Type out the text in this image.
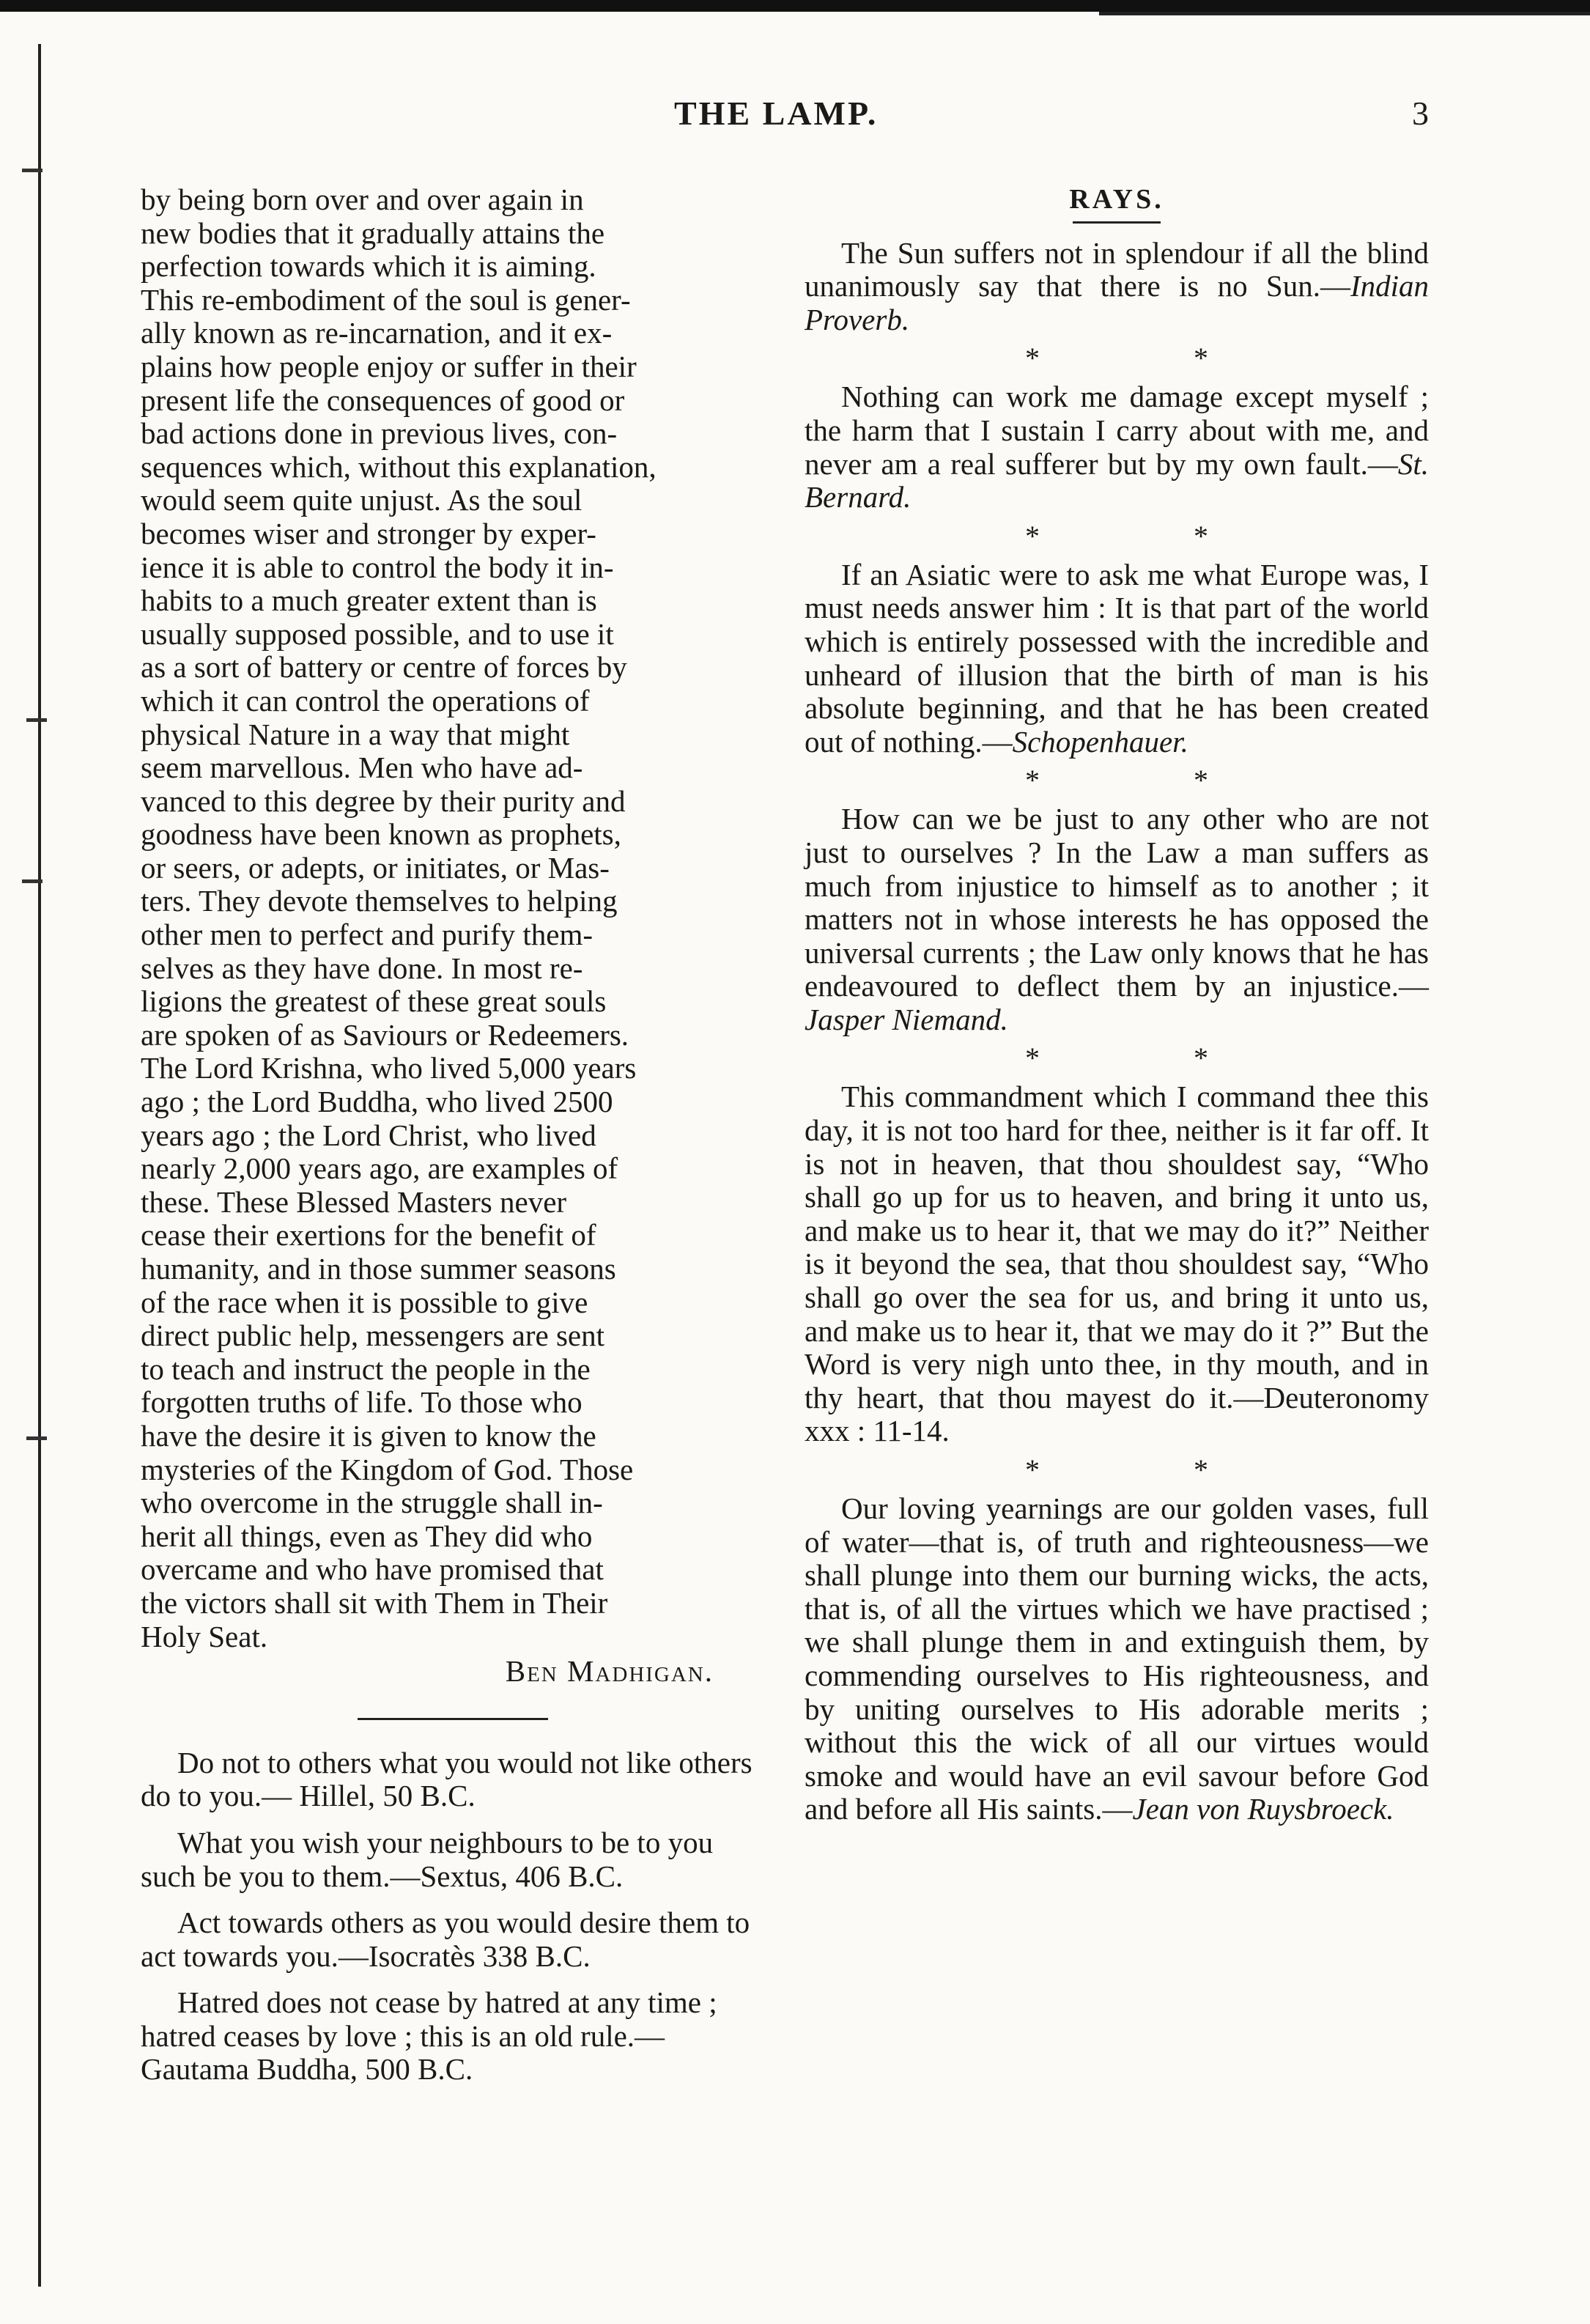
THE LAMP.	3

by being born over and over again in

new bodies that it gradually attains the

perfection towards which it is aiming.

This re-embodiment of the soul is gener-

ally known as re-incarnation, and it ex-

plains how people enjoy or suffer in their

present life the consequences of good or

bad actions done in previous lives, con-

sequences which, without this explanation,

would seem quite unjust. As the soul

becomes wiser and stronger by exper-

ience it is able to control the body it in-

habits to a much greater extent than is

usually supposed possible, and to use it

as a sort of battery or centre of forces by

which it can control the operations of

physical Nature in a way that might

seem marvellous. Men who have ad-

vanced to this degree by their purity and

goodness have been known as prophets,

or seers, or adepts, or initiates, or Mas-

ters. They devote themselves to helping

other men to perfect and purify them-

selves as they have done. In most re-

ligions the greatest of these great souls

are spoken of as Saviours or Redeemers.

The Lord Krishna, who lived 5,000 years

ago ; the Lord Buddha, who lived 2500

years ago ; the Lord Christ, who lived

nearly 2,000 years ago, are examples of

these. These Blessed Masters never

cease their exertions for the benefit of

humanity, and in those summer seasons

of the race when it is possible to give

direct public help, messengers are sent

to teach and instruct the people in the

forgotten truths of life. To those who

have the desire it is given to know the

mysteries of the Kingdom of God. Those

who overcome in the struggle shall in-

herit all things, even as They did who

overcame and who have promised that

the victors shall sit with Them in Their

Holy Seat.

Ben Madhigan.

Do not to others what you would not like others do to you.— Hillel, 50 B.C.

What you wish your neighbours to be to you such be you to them.—Sextus, 406 B.C.

Act towards others as you would desire them to act towards you.—Isocratès 338 B.C.

Hatred does not cease by hatred at any time ; hatred ceases by love ; this is an old rule.—Gautama Buddha, 500 B.C.

RAYS.

The Sun suffers not in splendour if all the blind unanimously say that there is no Sun.—Indian Proverb.

* *

Nothing can work me damage except myself ; the harm that I sustain I carry about with me, and never am a real sufferer but by my own fault.—St. Bernard.

* *

If an Asiatic were to ask me what Europe was, I must needs answer him : It is that part of the world which is entirely possessed with the incredible and unheard of illusion that the birth of man is his absolute beginning, and that he has been created out of nothing.—Schopenhauer.

* *

How can we be just to any other who are not just to ourselves ? In the Law a man suffers as much from injustice to himself as to another ; it matters not in whose interests he has opposed the universal currents ; the Law only knows that he has endeavoured to deflect them by an injustice.—Jasper Niemand.

* *

This commandment which I command thee this day, it is not too hard for thee, neither is it far off. It is not in heaven, that thou shouldest say, “Who shall go up for us to heaven, and bring it unto us, and make us to hear it, that we may do it?” Neither is it beyond the sea, that thou shouldest say, “Who shall go over the sea for us, and bring it unto us, and make us to hear it, that we may do it ?” But the Word is very nigh unto thee, in thy mouth, and in thy heart, that thou mayest do it.—Deuteronomy xxx : 11-14.

* *

Our loving yearnings are our golden vases, full of water—that is, of truth and righteousness—we shall plunge into them our burning wicks, the acts, that is, of all the virtues which we have practised ; we shall plunge them in and extinguish them, by commending ourselves to His righteousness, and by uniting ourselves to His adorable merits ; without this the wick of all our virtues would smoke and would have an evil savour before God and before all His saints.—Jean von Ruysbroeck.
